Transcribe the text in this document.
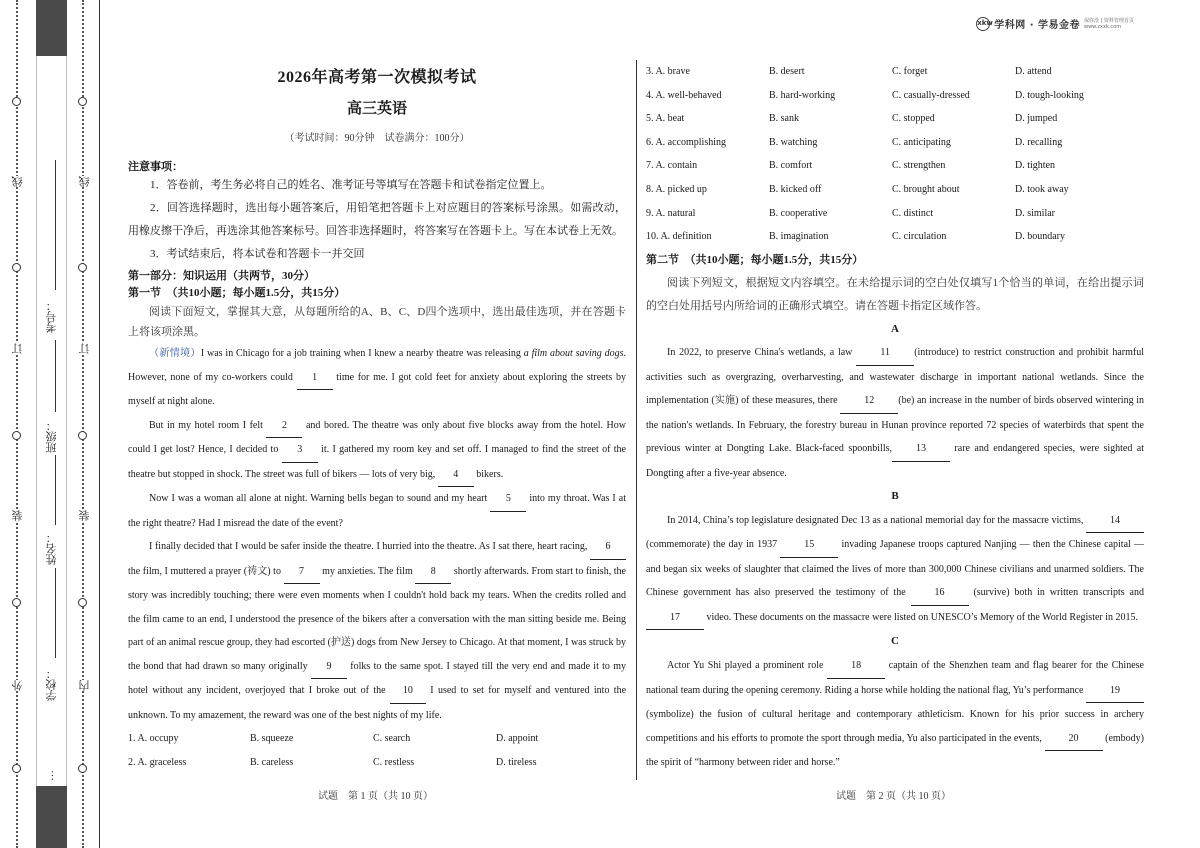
线
订
装
外
线
订
装
内
学校：
姓名：
班级：
考号：
…
xkw 学科网 · 学易金卷 保你没 | 资料管理首页 www.zxxk.com
2026年高考第一次模拟考试
高三英语
（考试时间：90分钟　试卷满分：100分）
注意事项：
1．答卷前，考生务必将自己的姓名、准考证号等填写在答题卡和试卷指定位置上。
2．回答选择题时，选出每小题答案后，用铅笔把答题卡上对应题目的答案标号涂黑。如需改动，用橡皮擦干净后，再选涂其他答案标号。回答非选择题时，将答案写在答题卡上。写在本试卷上无效。
3．考试结束后，将本试卷和答题卡一并交回
第一部分：知识运用（共两节，30分）
第一节　（共10小题；每小题1.5分，共15分）
阅读下面短文，掌握其大意，从每题所给的A、B、C、D四个选项中，选出最佳选项，并在答题卡上将该项涂黑。
（新情境）I was in Chicago for a job training when I knew a nearby theatre was releasing a film about saving dogs. However, none of my co-workers could 1 time for me. I got cold feet for anxiety about exploring the streets by myself at night alone.
But in my hotel room I felt 2 and bored. The theatre was only about five blocks away from the hotel. How could I get lost? Hence, I decided to 3 it. I gathered my room key and set off. I managed to find the street of the theatre but stopped in shock. The street was full of bikers — lots of very big, 4 bikers.
Now I was a woman all alone at night. Warning bells began to sound and my heart 5 into my throat. Was I at the right theatre? Had I misread the date of the event?
I finally decided that I would be safer inside the theatre. I hurried into the theatre. As I sat there, heart racing, 6 the film, I muttered a prayer (祷文) to 7 my anxieties. The film 8 shortly afterwards. From start to finish, the story was incredibly touching; there were even moments when I couldn't hold back my tears. When the credits rolled and the film came to an end, I understood the presence of the bikers after a conversation with the man sitting beside me. Being part of an animal rescue group, they had escorted (护送) dogs from New Jersey to Chicago. At that moment, I was struck by the bond that had drawn so many originally 9 folks to the same spot. I stayed till the very end and made it to my hotel without any incident, overjoyed that I broke out of the 10 I used to set for myself and ventured into the unknown. To my amazement, the reward was one of the best nights of my life.
1. A. occupy	B. squeeze	C. search	D. appoint
2. A. graceless	B. careless	C. restless	D. tireless
3. A. brave	B. desert	C. forget	D. attend
4. A. well-behaved	B. hard-working	C. casually-dressed	D. tough-looking
5. A. beat	B. sank	C. stopped	D. jumped
6. A. accomplishing	B. watching	C. anticipating	D. recalling
7. A. contain	B. comfort	C. strengthen	D. tighten
8. A. picked up	B. kicked off	C. brought about	D. took away
9. A. natural	B. cooperative	C. distinct	D. similar
10. A. definition	B. imagination	C. circulation	D. boundary
第二节　（共10小题；每小题1.5分，共15分）
阅读下列短文，根据短文内容填空。在未给提示词的空白处仅填写1个恰当的单词，在给出提示词的空白处用括号内所给词的正确形式填空。请在答题卡指定区域作答。
A
In 2022, to preserve China's wetlands, a law 11 (introduce) to restrict construction and prohibit harmful activities such as overgrazing, overharvesting, and wastewater discharge in important national wetlands. Since the implementation (实施) of these measures, there 12 (be) an increase in the number of birds observed wintering in the nation's wetlands. In February, the forestry bureau in Hunan province reported 72 species of waterbirds that spent the previous winter at Dongting Lake. Black-faced spoonbills, 13 rare and endangered species, were sighted at Dongting after a five-year absence.
B
In 2014, China’s top legislature designated Dec 13 as a national memorial day for the massacre victims, 14 (commemorate) the day in 1937 15 invading Japanese troops captured Nanjing — then the Chinese capital — and began six weeks of slaughter that claimed the lives of more than 300,000 Chinese civilians and unarmed soldiers. The Chinese government has also preserved the testimony of the 16 (survive) both in written transcripts and 17 video. These documents on the massacre were listed on UNESCO’s Memory of the World Register in 2015.
C
Actor Yu Shi played a prominent role 18 captain of the Shenzhen team and flag bearer for the Chinese national team during the opening ceremony. Riding a horse while holding the national flag, Yu’s performance 19 (symbolize) the fusion of cultural heritage and contemporary athleticism. Known for his prior success in archery competitions and his efforts to promote the sport through media, Yu also participated in the events, 20 (embody) the spirit of “harmony between rider and horse.”
试题　第 1 页（共 10 页）	试题　第 2 页（共 10 页）
